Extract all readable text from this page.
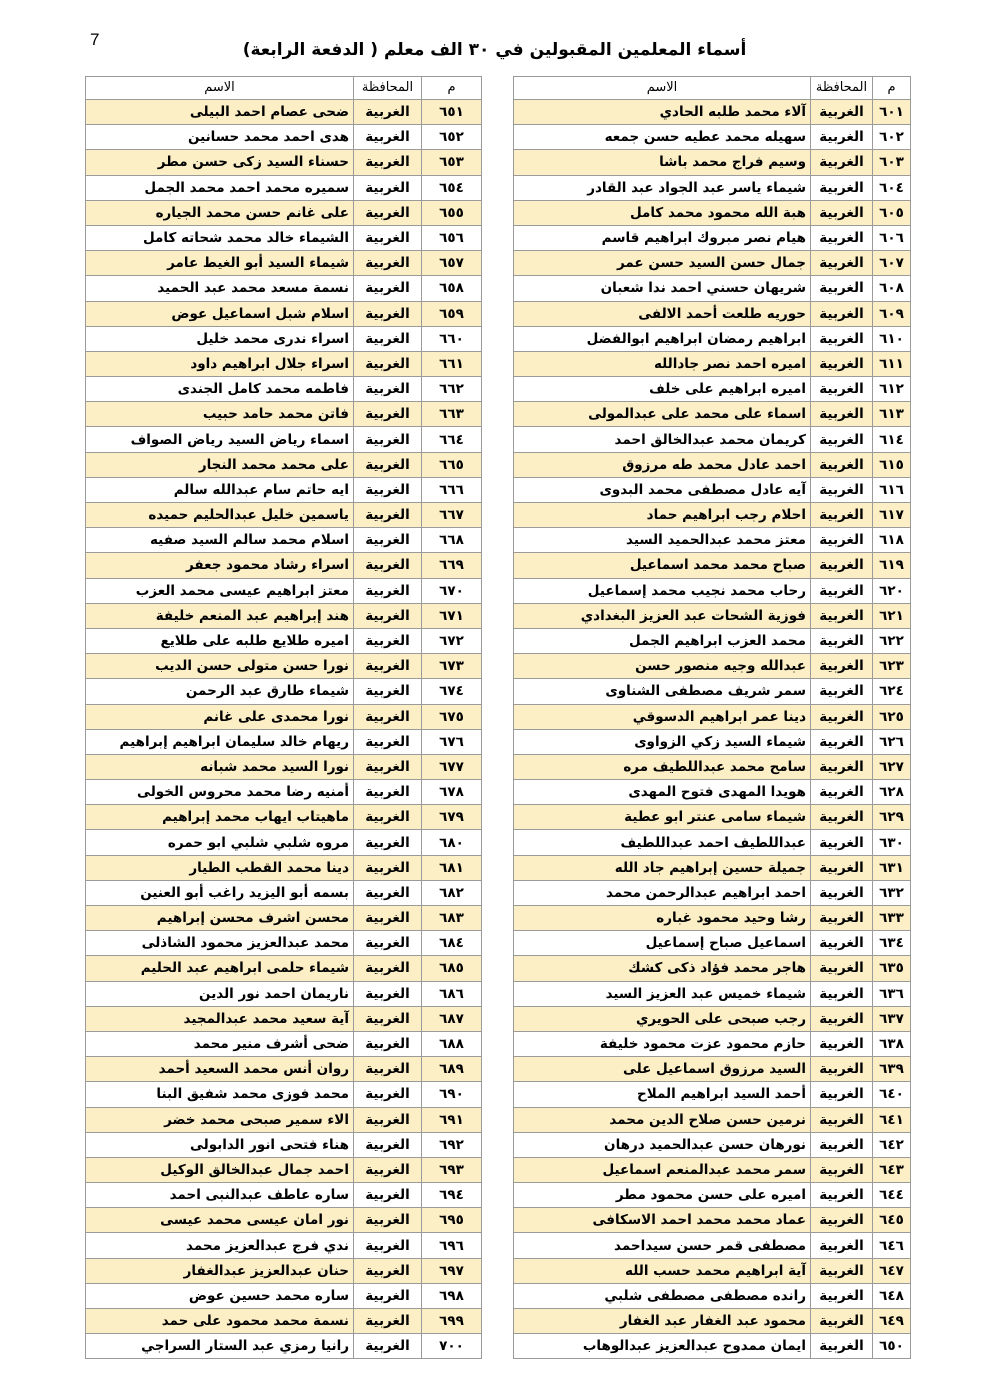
7
أسماء المعلمين المقبولين في ٣٠ الف معلم ( الدفعة الرابعة)
م	المحافظة	الاسم
٦٠١	الغربية	آلاء محمد طلبه الحادي
٦٠٢	الغربية	سهيله محمد عطيه حسن جمعه
٦٠٣	الغربية	وسيم فراج محمد باشا
٦٠٤	الغربية	شيماء ياسر عبد الجواد عبد القادر
٦٠٥	الغربية	هبة الله محمود محمد كامل
٦٠٦	الغربية	هيام نصر مبروك ابراهيم قاسم
٦٠٧	الغربية	جمال حسن السيد حسن عمر
٦٠٨	الغربية	شريهان حسني احمد ندا شعبان
٦٠٩	الغربية	حوريه طلعت أحمد الالفى
٦١٠	الغربية	ابراهيم رمضان ابراهيم ابوالفضل
٦١١	الغربية	اميره احمد نصر جادالله
٦١٢	الغربية	اميره ابراهيم على خلف
٦١٣	الغربية	اسماء على محمد على عبدالمولى
٦١٤	الغربية	كريمان محمد عبدالخالق احمد
٦١٥	الغربية	احمد عادل محمد طه مرزوق
٦١٦	الغربية	آيه عادل مصطفى محمد البدوى
٦١٧	الغربية	احلام رجب ابراهيم حماد
٦١٨	الغربية	معتز محمد عبدالحميد السيد
٦١٩	الغربية	صباح محمد محمد اسماعيل
٦٢٠	الغربية	رحاب محمد نجيب محمد إسماعيل
٦٢١	الغربية	فوزية الشحات عبد العزيز البغدادي
٦٢٢	الغربية	محمد العزب ابراهيم الجمل
٦٢٣	الغربية	عبدالله وجيه منصور حسن
٦٢٤	الغربية	سمر شريف مصطفى الشناوى
٦٢٥	الغربية	دينا عمر ابراهيم الدسوقي
٦٢٦	الغربية	شيماء السيد زكي الزواوى
٦٢٧	الغربية	سامح محمد عبداللطيف مره
٦٢٨	الغربية	هويدا المهدى فتوح المهدى
٦٢٩	الغربية	شيماء سامى عنتر ابو عطية
٦٣٠	الغربية	عبداللطيف احمد عبداللطيف
٦٣١	الغربية	جميلة حسين إبراهيم جاد الله
٦٣٢	الغربية	احمد ابراهيم عبدالرحمن محمد
٦٣٣	الغربية	رشا وحيد محمود غباره
٦٣٤	الغربية	اسماعيل صباح إسماعيل
٦٣٥	الغربية	هاجر محمد فؤاد ذكى كشك
٦٣٦	الغربية	شيماء خميس عبد العزيز السيد
٦٣٧	الغربية	رجب صبحى على الحويري
٦٣٨	الغربية	حازم محمود عزت محمود خليفة
٦٣٩	الغربية	السيد مرزوق اسماعيل على
٦٤٠	الغربية	أحمد السيد ابراهيم الملاح
٦٤١	الغربية	نرمين حسن صلاح الدين محمد
٦٤٢	الغربية	نورهان حسن عبدالحميد درهان
٦٤٣	الغربية	سمر محمد عبدالمنعم اسماعيل
٦٤٤	الغربية	اميره على حسن محمود مطر
٦٤٥	الغربية	عماد محمد محمد احمد الاسكافى
٦٤٦	الغربية	مصطفى قمر حسن سيداحمد
٦٤٧	الغربية	آية ابراهيم محمد حسب الله
٦٤٨	الغربية	رانده مصطفى مصطفى شلبي
٦٤٩	الغربية	محمود عبد الغفار عبد الغفار
٦٥٠	الغربية	ايمان ممدوح عبدالعزيز عبدالوهاب
م	المحافظة	الاسم
٦٥١	الغربية	ضحى عصام احمد البيلى
٦٥٢	الغربية	هدى احمد محمد حسانين
٦٥٣	الغربية	حسناء السيد زكى حسن مطر
٦٥٤	الغربية	سميره محمد احمد محمد الجمل
٦٥٥	الغربية	على غانم حسن محمد الجياره
٦٥٦	الغربية	الشيماء خالد محمد شحاته كامل
٦٥٧	الغربية	شيماء السيد أبو الغيط عامر
٦٥٨	الغربية	نسمة مسعد محمد عبد الحميد
٦٥٩	الغربية	اسلام شبل اسماعيل عوض
٦٦٠	الغربية	اسراء ندرى محمد خليل
٦٦١	الغربية	اسراء جلال ابراهيم داود
٦٦٢	الغربية	فاطمه محمد كامل الجندى
٦٦٣	الغربية	فاتن محمد حامد حبيب
٦٦٤	الغربية	اسماء رياض السيد رياض الصواف
٦٦٥	الغربية	على محمد محمد النجار
٦٦٦	الغربية	ايه حاتم سام عبدالله سالم
٦٦٧	الغربية	ياسمين خليل عبدالحليم حميده
٦٦٨	الغربية	اسلام محمد سالم السيد صفيه
٦٦٩	الغربية	اسراء رشاد محمود جعفر
٦٧٠	الغربية	معتز ابراهيم عيسى محمد العزب
٦٧١	الغربية	هند إبراهيم عبد المنعم خليفة
٦٧٢	الغربية	اميره طلايع طلبه على طلايع
٦٧٣	الغربية	نورا حسن متولى حسن الديب
٦٧٤	الغربية	شيماء طارق عبد الرحمن
٦٧٥	الغربية	نورا محمدى على غانم
٦٧٦	الغربية	ريهام خالد سليمان ابراهيم إبراهيم
٦٧٧	الغربية	نورا السيد محمد شبانه
٦٧٨	الغربية	أمنيه رضا محمد محروس الخولى
٦٧٩	الغربية	ماهيتاب ايهاب محمد إبراهيم
٦٨٠	الغربية	مروه شلبي شلبي ابو حمره
٦٨١	الغربية	دينا محمد القطب الطيار
٦٨٢	الغربية	بسمه أبو اليزيد راغب أبو العنين
٦٨٣	الغربية	محسن اشرف محسن إبراهيم
٦٨٤	الغربية	محمد عبدالعزيز محمود الشاذلى
٦٨٥	الغربية	شيماء حلمى ابراهيم عبد الحليم
٦٨٦	الغربية	ناريمان احمد نور الدين
٦٨٧	الغربية	آية سعيد محمد عبدالمجيد
٦٨٨	الغربية	ضحى أشرف منير محمد
٦٨٩	الغربية	روان أنس محمد السعيد أحمد
٦٩٠	الغربية	محمد فوزى محمد شفيق البنا
٦٩١	الغربية	الاء سمير صبحى محمد خضر
٦٩٢	الغربية	هناء فتحى انور الدابولى
٦٩٣	الغربية	احمد جمال عبدالخالق الوكيل
٦٩٤	الغربية	ساره عاطف عبدالنبى احمد
٦٩٥	الغربية	نور امان عيسى محمد عيسى
٦٩٦	الغربية	ندي فرج عبدالعزيز محمد
٦٩٧	الغربية	حنان عبدالعزيز عبدالغفار
٦٩٨	الغربية	ساره محمد حسين عوض
٦٩٩	الغربية	نسمة محمد محمود على حمد
٧٠٠	الغربية	رانيا رمزي عبد الستار السراجي
